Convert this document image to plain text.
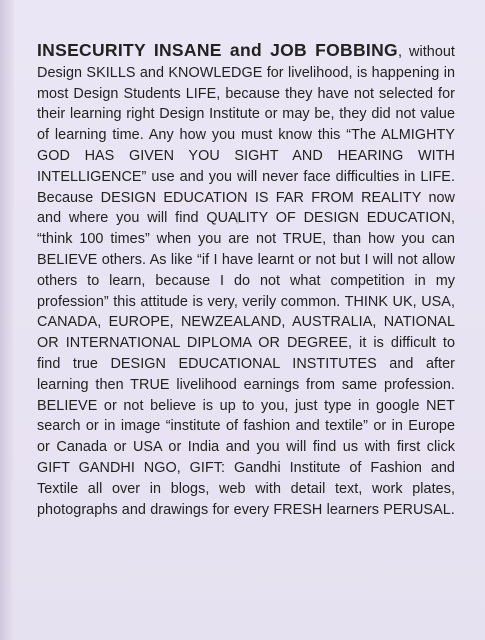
INSECURITY INSANE and JOB FOBBING, without Design SKILLS and KNOWLEDGE for livelihood, is happening in most Design Students LIFE, because they have not selected for their learning right Design Institute or may be, they did not value of learning time. Any how you must know this “The ALMIGHTY GOD HAS GIVEN YOU SIGHT AND HEARING WITH INTELLIGENCE” use and you will never face difficulties in LIFE. Because DESIGN EDUCATION IS FAR FROM REALITY now and where you will find QUALITY OF DESIGN EDUCATION, “think 100 times” when you are not TRUE, than how you can BELIEVE others. As like “if I have learnt or not but I will not allow others to learn, because I do not what competition in my profession” this attitude is very, verily common. THINK UK, USA, CANADA, EUROPE, NEWZEALAND, AUSTRALIA, NATIONAL OR INTERNATIONAL DIPLOMA OR DEGREE, it is difficult to find true DESIGN EDUCATIONAL INSTITUTES and after learning then TRUE livelihood earnings from same profession. BELIEVE or not believe is up to you, just type in google NET search or in image “institute of fashion and textile” or in Europe or Canada or USA or India and you will find us with first click GIFT GANDHI NGO, GIFT: Gandhi Institute of Fashion and Textile all over in blogs, web with detail text, work plates, photographs and drawings for every FRESH learners PERUSAL.
